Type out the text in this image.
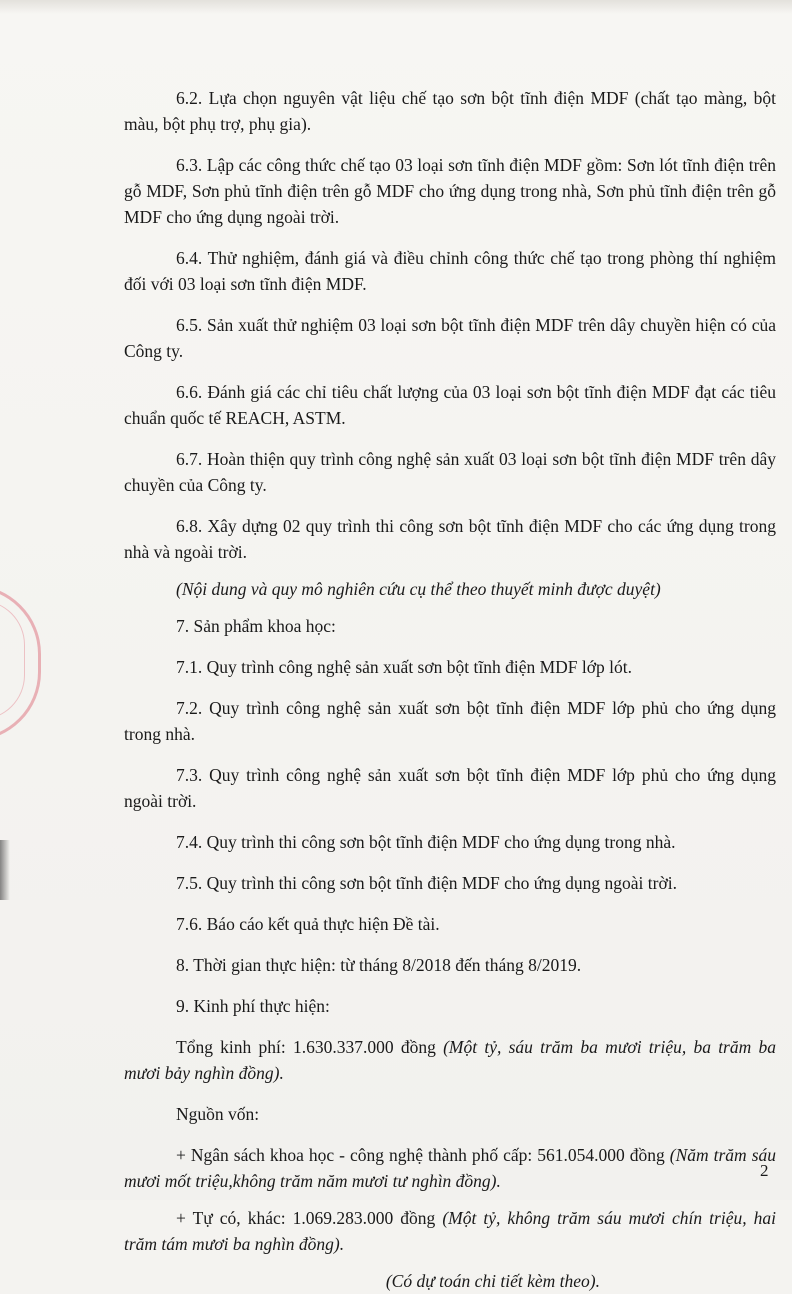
6.2. Lựa chọn nguyên vật liệu chế tạo sơn bột tĩnh điện MDF (chất tạo màng, bột màu, bột phụ trợ, phụ gia).

6.3. Lập các công thức chế tạo 03 loại sơn tĩnh điện MDF gồm: Sơn lót tĩnh điện trên gỗ MDF, Sơn phủ tĩnh điện trên gỗ MDF cho ứng dụng trong nhà, Sơn phủ tĩnh điện trên gỗ MDF cho ứng dụng ngoài trời.

6.4. Thử nghiệm, đánh giá và điều chỉnh công thức chế tạo trong phòng thí nghiệm đối với 03 loại sơn tĩnh điện MDF.

6.5. Sản xuất thử nghiệm 03 loại sơn bột tĩnh điện MDF trên dây chuyền hiện có của Công ty.

6.6. Đánh giá các chỉ tiêu chất lượng của 03 loại sơn bột tĩnh điện MDF đạt các tiêu chuẩn quốc tế REACH, ASTM.

6.7. Hoàn thiện quy trình công nghệ sản xuất 03 loại sơn bột tĩnh điện MDF trên dây chuyền của Công ty.

6.8. Xây dựng 02 quy trình thi công sơn bột tĩnh điện MDF cho các ứng dụng trong nhà và ngoài trời.

(Nội dung và quy mô nghiên cứu cụ thể theo thuyết minh được duyệt)

7. Sản phẩm khoa học:

7.1. Quy trình công nghệ sản xuất sơn bột tĩnh điện MDF lớp lót.

7.2. Quy trình công nghệ sản xuất sơn bột tĩnh điện MDF lớp phủ cho ứng dụng trong nhà.

7.3. Quy trình công nghệ sản xuất sơn bột tĩnh điện MDF lớp phủ cho ứng dụng ngoài trời.

7.4. Quy trình thi công sơn bột tĩnh điện MDF cho ứng dụng trong nhà.

7.5. Quy trình thi công sơn bột tĩnh điện MDF cho ứng dụng ngoài trời.

7.6. Báo cáo kết quả thực hiện Đề tài.

8. Thời gian thực hiện: từ tháng 8/2018 đến tháng 8/2019.

9. Kinh phí thực hiện:

Tổng kinh phí: 1.630.337.000 đồng (Một tỷ, sáu trăm ba mươi triệu, ba trăm ba mươi bảy nghìn đồng).

Nguồn vốn:

+ Ngân sách khoa học - công nghệ thành phố cấp: 561.054.000 đồng (Năm trăm sáu mươi mốt triệu,không trăm năm mươi tư nghìn đồng).

+ Tự có, khác: 1.069.283.000 đồng (Một tỷ, không trăm sáu mươi chín triệu, hai trăm tám mươi ba nghìn đồng).

(Có dự toán chi tiết kèm theo).

2
